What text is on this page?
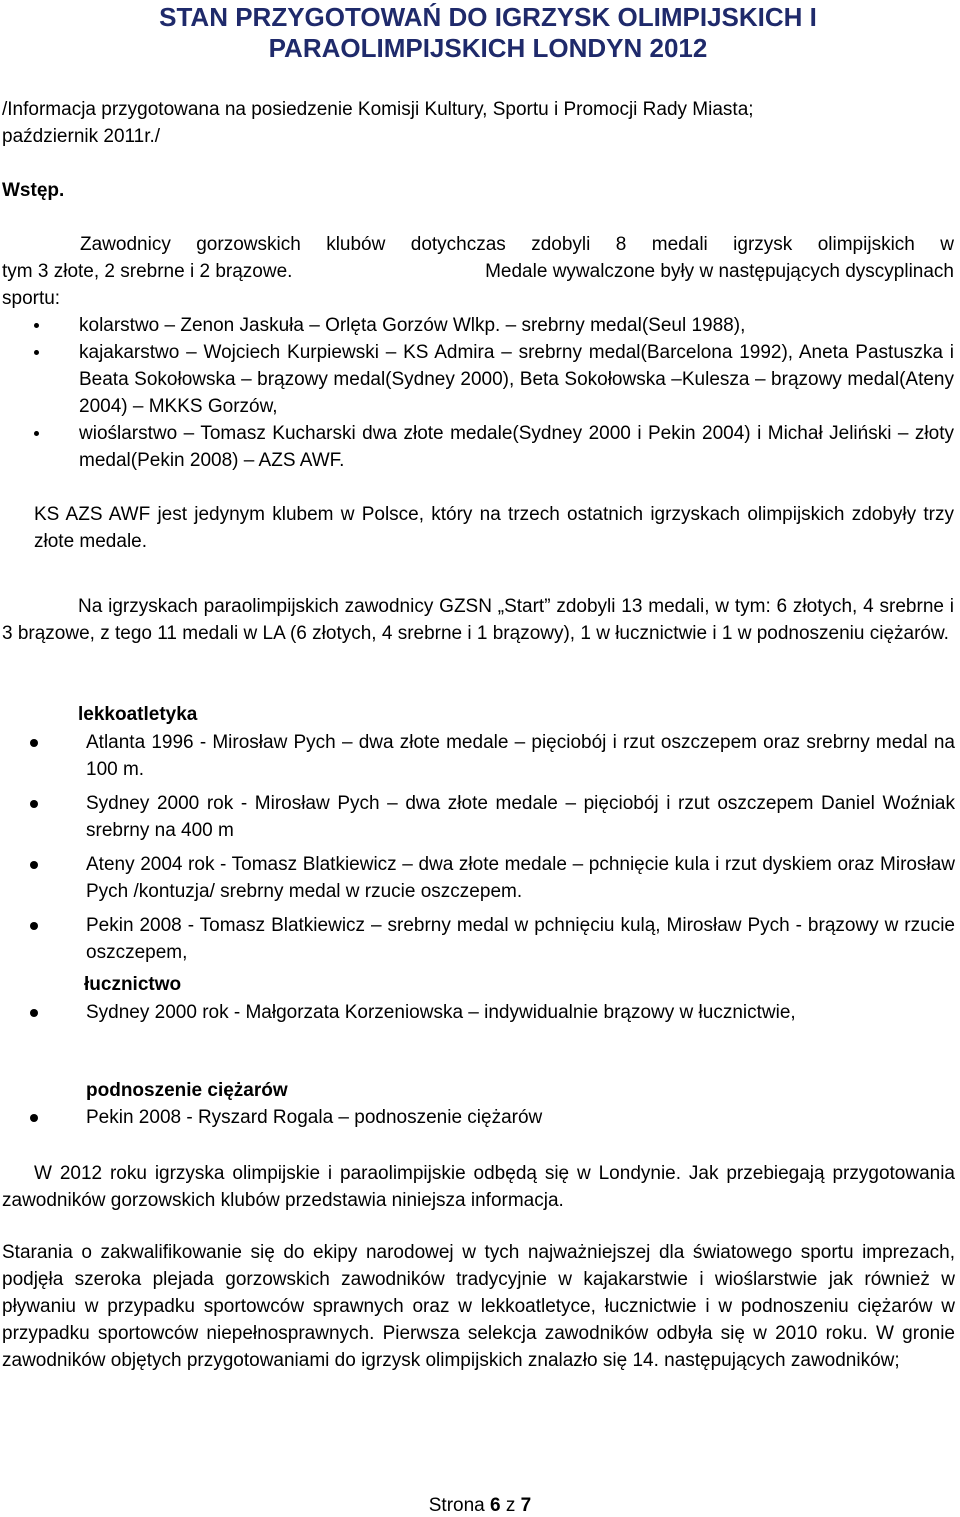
STAN PRZYGOTOWAŃ DO IGRZYSK OLIMPIJSKICH I
PARAOLIMPIJSKICH LONDYN 2012
/Informacja przygotowana na posiedzenie Komisji Kultury, Sportu i Promocji Rady Miasta;
październik 2011r./
Wstęp.
Zawodnicy gorzowskich klubów dotychczas zdobyli 8 medali igrzysk olimpijskich w
tym 3 złote, 2 srebrne i 2 brązowe.	Medale wywalczone były w następujących dyscyplinach
sportu:
kolarstwo – Zenon Jaskuła – Orlęta Gorzów Wlkp. – srebrny medal(Seul 1988),
kajakarstwo – Wojciech Kurpiewski – KS Admira – srebrny medal(Barcelona 1992), Aneta Pastuszka i Beata Sokołowska – brązowy medal(Sydney 2000), Beta Sokołowska –Kulesza – brązowy medal(Ateny 2004) – MKKS Gorzów,
wioślarstwo – Tomasz Kucharski dwa złote medale(Sydney 2000 i Pekin 2004) i Michał Jeliński – złoty medal(Pekin 2008) – AZS AWF.
KS AZS AWF jest jedynym klubem w Polsce, który na trzech ostatnich igrzyskach olimpijskich zdobyły trzy złote medale.
Na igrzyskach paraolimpijskich zawodnicy GZSN „Start” zdobyli 13 medali, w tym: 6 złotych, 4 srebrne i 3 brązowe, z tego 11 medali w LA (6 złotych, 4 srebrne i 1 brązowy), 1 w łucznictwie i 1 w podnoszeniu ciężarów.
lekkoatletyka
Atlanta 1996 - Mirosław Pych – dwa złote medale – pięciobój i rzut oszczepem oraz srebrny medal na 100 m.
Sydney 2000 rok - Mirosław Pych – dwa złote medale – pięciobój i rzut oszczepem Daniel Woźniak srebrny na 400 m
Ateny 2004 rok - Tomasz Blatkiewicz – dwa złote medale – pchnięcie kula i rzut dyskiem oraz Mirosław Pych /kontuzja/ srebrny medal w rzucie oszczepem.
Pekin 2008 - Tomasz Blatkiewicz – srebrny medal w pchnięciu kulą, Mirosław Pych - brązowy w rzucie oszczepem,
łucznictwo
Sydney 2000 rok - Małgorzata Korzeniowska – indywidualnie brązowy w łucznictwie,
podnoszenie ciężarów
Pekin 2008 - Ryszard Rogala – podnoszenie ciężarów
W 2012 roku igrzyska olimpijskie i paraolimpijskie odbędą się w Londynie. Jak przebiegają przygotowania zawodników gorzowskich klubów przedstawia niniejsza informacja.
Starania o zakwalifikowanie się do ekipy narodowej w tych najważniejszej dla światowego sportu imprezach, podjęła szeroka plejada gorzowskich zawodników tradycyjnie w kajakarstwie i wioślarstwie jak również w pływaniu w przypadku sportowców sprawnych oraz w lekkoatletyce, łucznictwie i w podnoszeniu ciężarów w przypadku sportowców niepełnosprawnych. Pierwsza selekcja zawodników odbyła się w 2010 roku. W gronie zawodników objętych przygotowaniami do igrzysk olimpijskich znalazło się 14. następujących zawodników;
Strona 6 z 7
